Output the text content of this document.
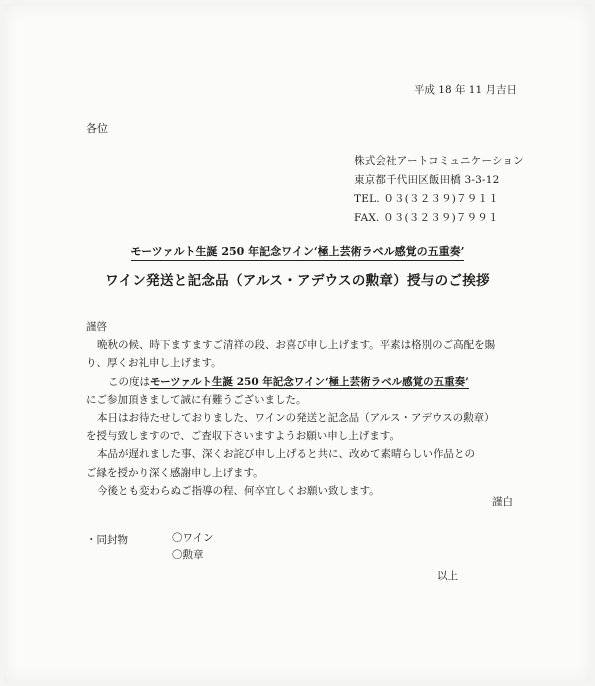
平成 18 年 11 月吉日
各位
株式会社アートコミュニケーション
東京都千代田区飯田橋 3-3-12
TEL. ０３(３２３９)７９１１
FAX. ０３(３２３９)７９９１
モーツァルト生誕 250 年記念ワイン‘極上芸術ラベル感覚の五重奏’
ワイン発送と記念品（アルス・アデウスの勲章）授与のご挨拶

謹啓

晩秋の候、時下ますますご清祥の段、お喜び申し上げます。平素は格別のご高配を賜

り、厚くお礼申し上げます。

この度はモーツァルト生誕 250 年記念ワイン‘極上芸術ラベル感覚の五重奏’

にご参加頂きまして誠に有難うございました。

本日はお待たせしておりました、ワインの発送と記念品（アルス・アデウスの勲章）

を授与致しますので、ご査収下さいますようお願い申し上げます。

本品が遅れました事、深くお詫び申し上げると共に、改めて素晴らしい作品との

ご縁を授かり深く感謝申し上げます。

今後とも変わらぬご指導の程、何卒宜しくお願い致します。

謹白
・同封物	〇ワイン
〇勲章
以上
